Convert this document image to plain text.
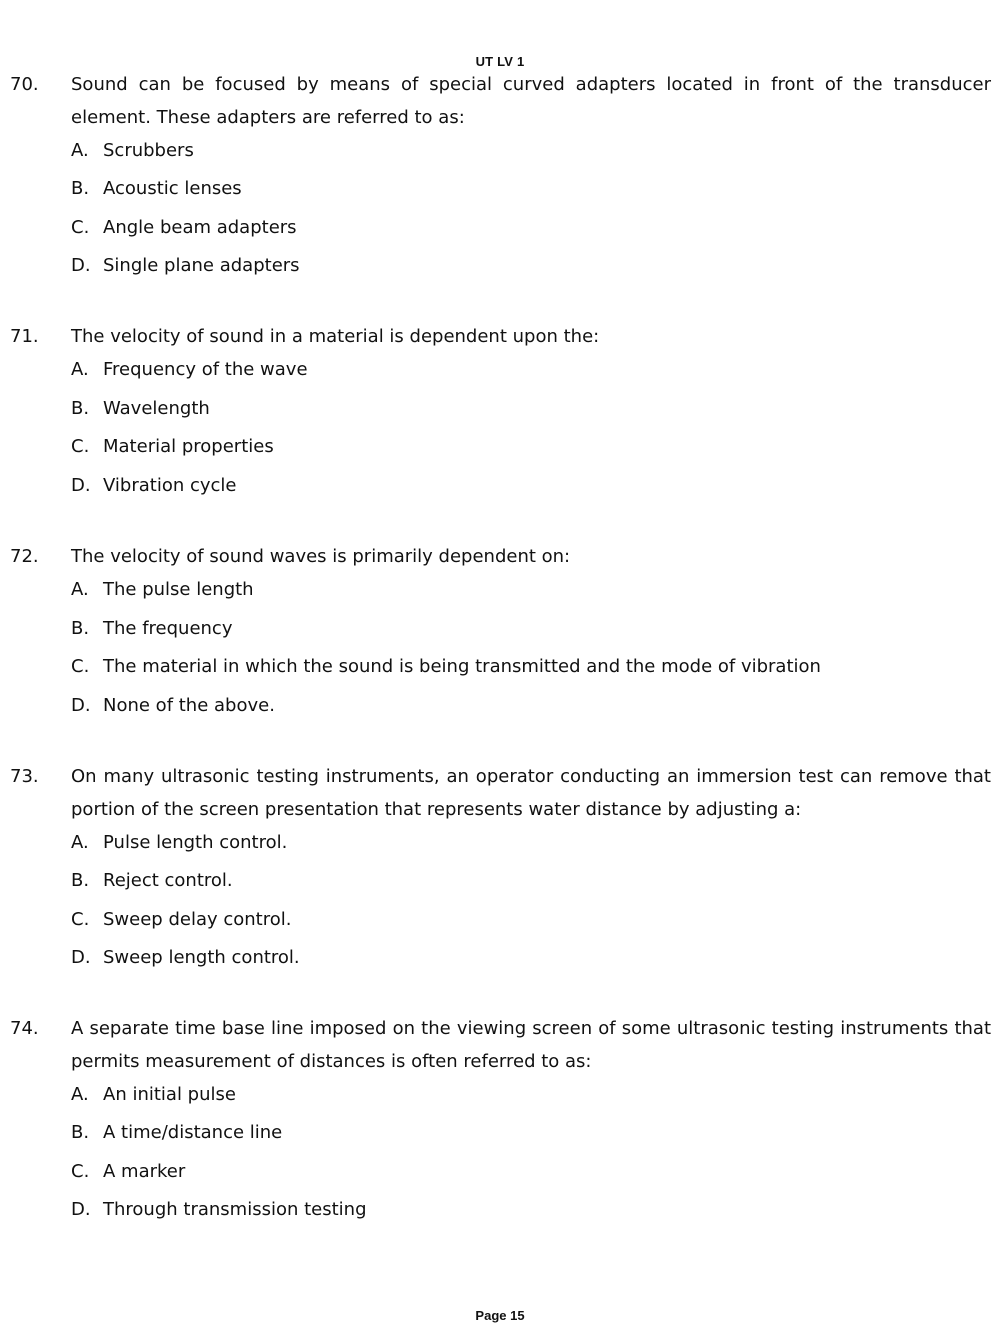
UT LV 1
70. Sound can be focused by means of special curved adapters located in front of the transducer element. These adapters are referred to as:
A. Scrubbers
B. Acoustic lenses
C. Angle beam adapters
D. Single plane adapters
71. The velocity of sound in a material is dependent upon the:
A. Frequency of the wave
B. Wavelength
C. Material properties
D. Vibration cycle
72. The velocity of sound waves is primarily dependent on:
A. The pulse length
B. The frequency
C. The material in which the sound is being transmitted and the mode of vibration
D. None of the above.
73. On many ultrasonic testing instruments, an operator conducting an immersion test can remove that portion of the screen presentation that represents water distance by adjusting a:
A. Pulse length control.
B. Reject control.
C. Sweep delay control.
D. Sweep length control.
74. A separate time base line imposed on the viewing screen of some ultrasonic testing instruments that permits measurement of distances is often referred to as:
A. An initial pulse
B. A time/distance line
C. A marker
D. Through transmission testing
Page 15
